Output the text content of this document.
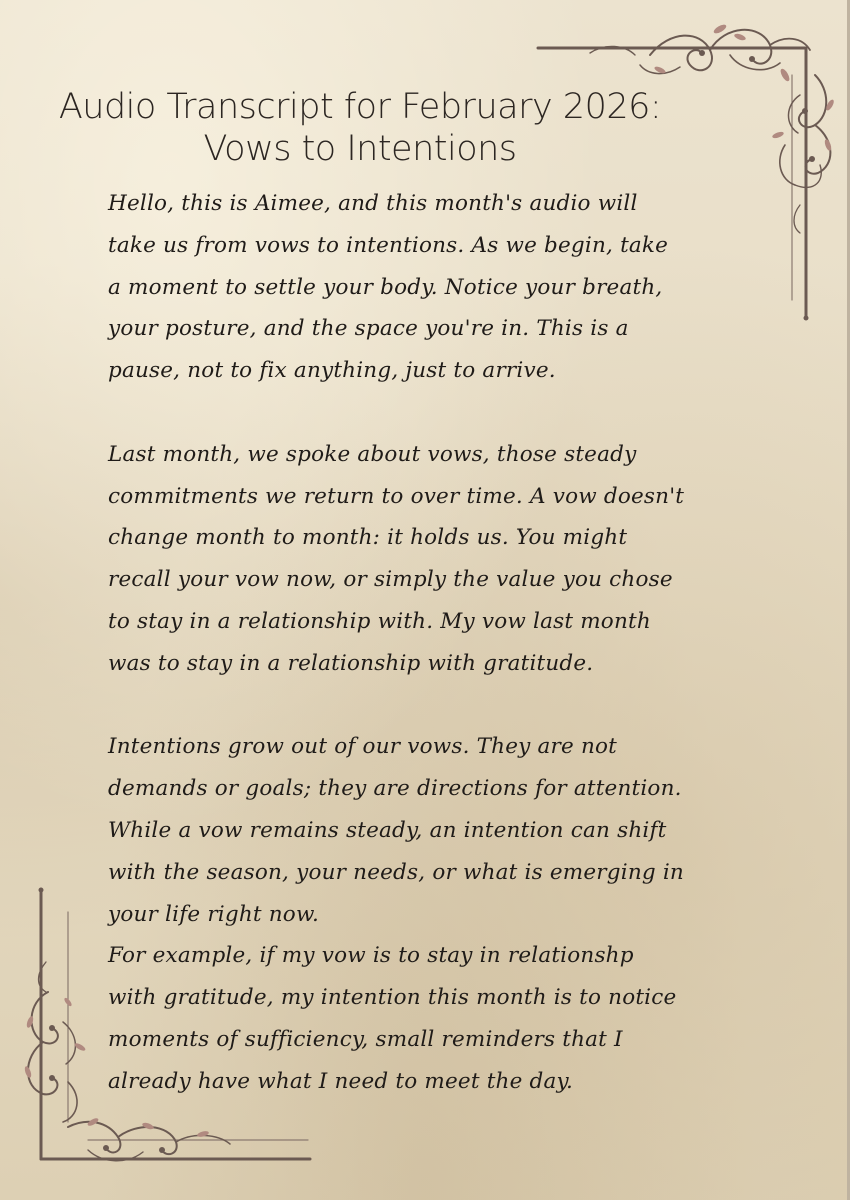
Audio Transcript for February 2026:
Vows to Intentions
Hello, this is Aimee, and this month's audio will
take us from vows to intentions. As we begin, take
a moment to settle your body. Notice your breath,
your posture, and the space you're in. This is a
pause, not to fix anything, just to arrive.
Last month, we spoke about vows, those steady
commitments we return to over time. A vow doesn't
change month to month: it holds us. You might
recall your vow now, or simply the value you chose
to stay in a relationship with. My vow last month
was to stay in a relationship with gratitude.
Intentions grow out of our vows. They are not
demands or goals; they are directions for attention.
While a vow remains steady, an intention can shift
with the season, your needs, or what is emerging in
your life right now.
For example, if my vow is to stay in relationshp
with gratitude, my intention this month is to notice
moments of sufficiency, small reminders that I
already have what I need to meet the day.
